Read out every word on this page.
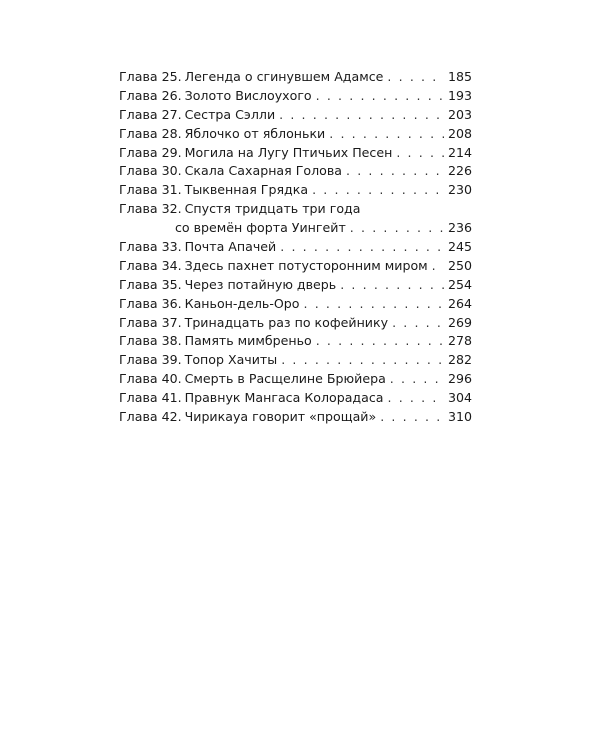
Глава 25. Легенда о сгинувшем Адамсе . . .	185
Глава 26. Золото Вислоухого . . .	193
Глава 27. Сестра Сэлли . . .	203
Глава 28. Яблочко от яблоньки . . .	208
Глава 29. Могила на Лугу Птичьих Песен . . .	214
Глава 30. Скала Сахарная Голова . . .	226
Глава 31. Тыквенная Грядка . . .	230
Глава 32. Спустя тридцать три года
со времён форта Уингейт . . .	236
Глава 33. Почта Апачей . . .	245
Глава 34. Здесь пахнет потусторонним миром . . . 250
Глава 35. Через потайную дверь . . .	254
Глава 36. Каньон-дель-Оро . . .	264
Глава 37. Тринадцать раз по кофейнику . . .	269
Глава 38. Память мимбреньо . . .	278
Глава 39. Топор Хачиты . . .	282
Глава 40. Смерть в Расщелине Брюйера . . .	296
Глава 41. Правнук Мангаса Колорадаса . . .	304
Глава 42. Чирикауа говорит «прощай» . . .	310
